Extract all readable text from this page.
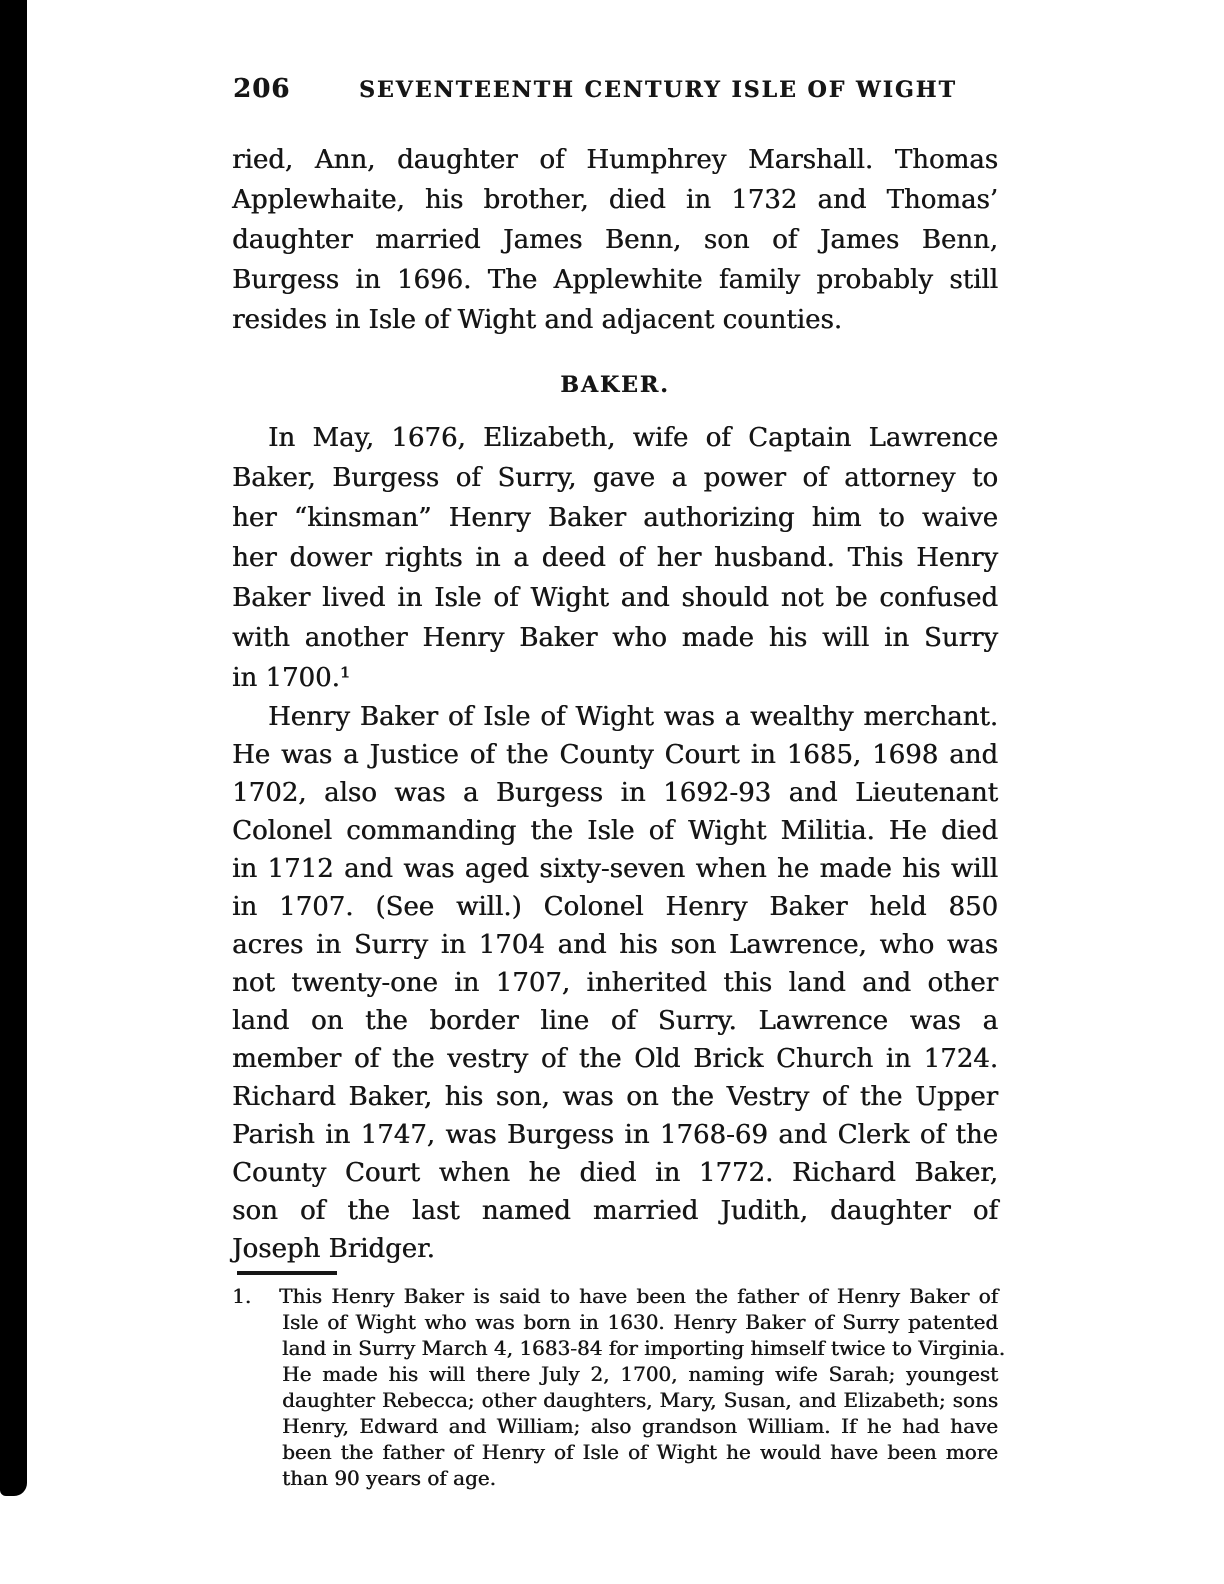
206	SEVENTEENTH CENTURY ISLE OF WIGHT
ried, Ann, daughter of Humphrey Marshall. Thomas
Applewhaite, his brother, died in 1732 and Thomas’
daughter married James Benn, son of James Benn,
Burgess in 1696. The Applewhite family probably still
resides in Isle of Wight and adjacent counties.
BAKER.
In May, 1676, Elizabeth, wife of Captain Lawrence
Baker, Burgess of Surry, gave a power of attorney to
her “kinsman” Henry Baker authorizing him to waive
her dower rights in a deed of her husband. This Henry
Baker lived in Isle of Wight and should not be confused
with another Henry Baker who made his will in Surry
in 1700.¹
Henry Baker of Isle of Wight was a wealthy merchant.
He was a Justice of the County Court in 1685, 1698 and
1702, also was a Burgess in 1692-93 and Lieutenant
Colonel commanding the Isle of Wight Militia. He died
in 1712 and was aged sixty-seven when he made his will
in 1707. (See will.) Colonel Henry Baker held 850
acres in Surry in 1704 and his son Lawrence, who was
not twenty-one in 1707, inherited this land and other
land on the border line of Surry. Lawrence was a
member of the vestry of the Old Brick Church in 1724.
Richard Baker, his son, was on the Vestry of the Upper
Parish in 1747, was Burgess in 1768-69 and Clerk of the
County Court when he died in 1772. Richard Baker,
son of the last named married Judith, daughter of
Joseph Bridger.
1. This Henry Baker is said to have been the father of Henry Baker of
Isle of Wight who was born in 1630. Henry Baker of Surry patented
land in Surry March 4, 1683-84 for importing himself twice to Virginia.
He made his will there July 2, 1700, naming wife Sarah; youngest
daughter Rebecca; other daughters, Mary, Susan, and Elizabeth; sons
Henry, Edward and William; also grandson William. If he had have
been the father of Henry of Isle of Wight he would have been more
than 90 years of age.
